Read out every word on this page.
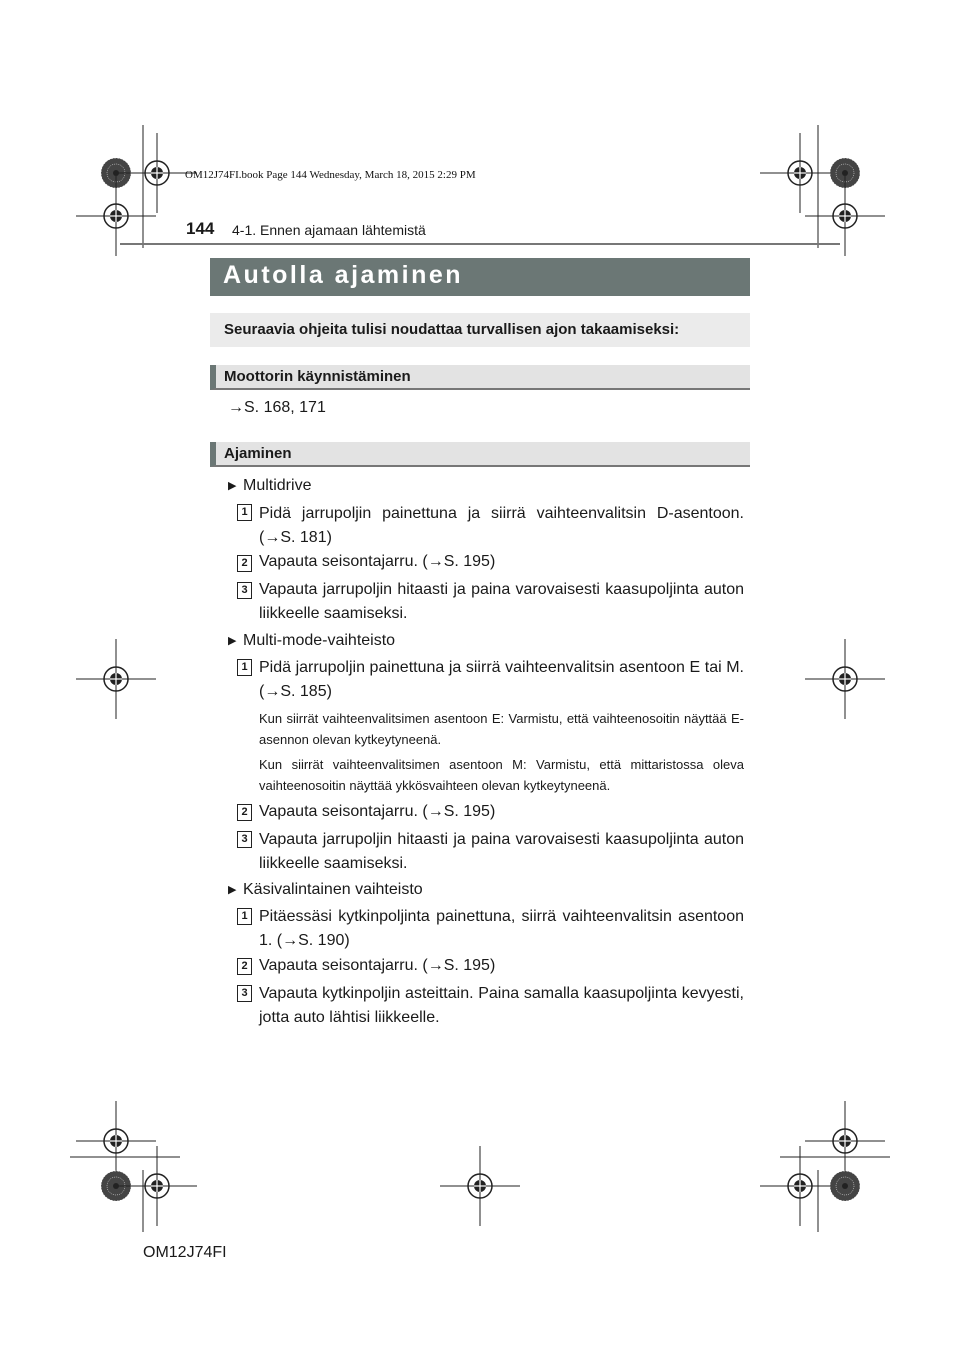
OM12J74FI.book Page 144 Wednesday, March 18, 2015 2:29 PM
144 4-1. Ennen ajamaan lähtemistä
Autolla ajaminen
Seuraavia ohjeita tulisi noudattaa turvallisen ajon takaamiseksi:
Moottorin käynnistäminen
→S. 168, 171
Ajaminen
▶ Multidrive
1 Pidä jarrupoljin painettuna ja siirrä vaihteenvalitsin D-asentoon. (→S. 181)
2 Vapauta seisontajarru. (→S. 195)
3 Vapauta jarrupoljin hitaasti ja paina varovaisesti kaasupoljinta auton liikkeelle saamiseksi.
▶ Multi-mode-vaihteisto
1 Pidä jarrupoljin painettuna ja siirrä vaihteenvalitsin asentoon E tai M. (→S. 185)
Kun siirrät vaihteenvalitsimen asentoon E: Varmistu, että vaihteenosoitin näyttää E-asennon olevan kytkeytyneenä.
Kun siirrät vaihteenvalitsimen asentoon M: Varmistu, että mittaristossa oleva vaihteenosoitin näyttää ykkösvaihteen olevan kytkeytyneenä.
2 Vapauta seisontajarru. (→S. 195)
3 Vapauta jarrupoljin hitaasti ja paina varovaisesti kaasupoljinta auton liikkeelle saamiseksi.
▶ Käsivalintainen vaihteisto
1 Pitäessäsi kytkinpoljinta painettuna, siirrä vaihteenvalitsin asentoon 1. (→S. 190)
2 Vapauta seisontajarru. (→S. 195)
3 Vapauta kytkinpoljin asteittain. Paina samalla kaasupoljinta kevyesti, jotta auto lähtisi liikkeelle.
OM12J74FI
